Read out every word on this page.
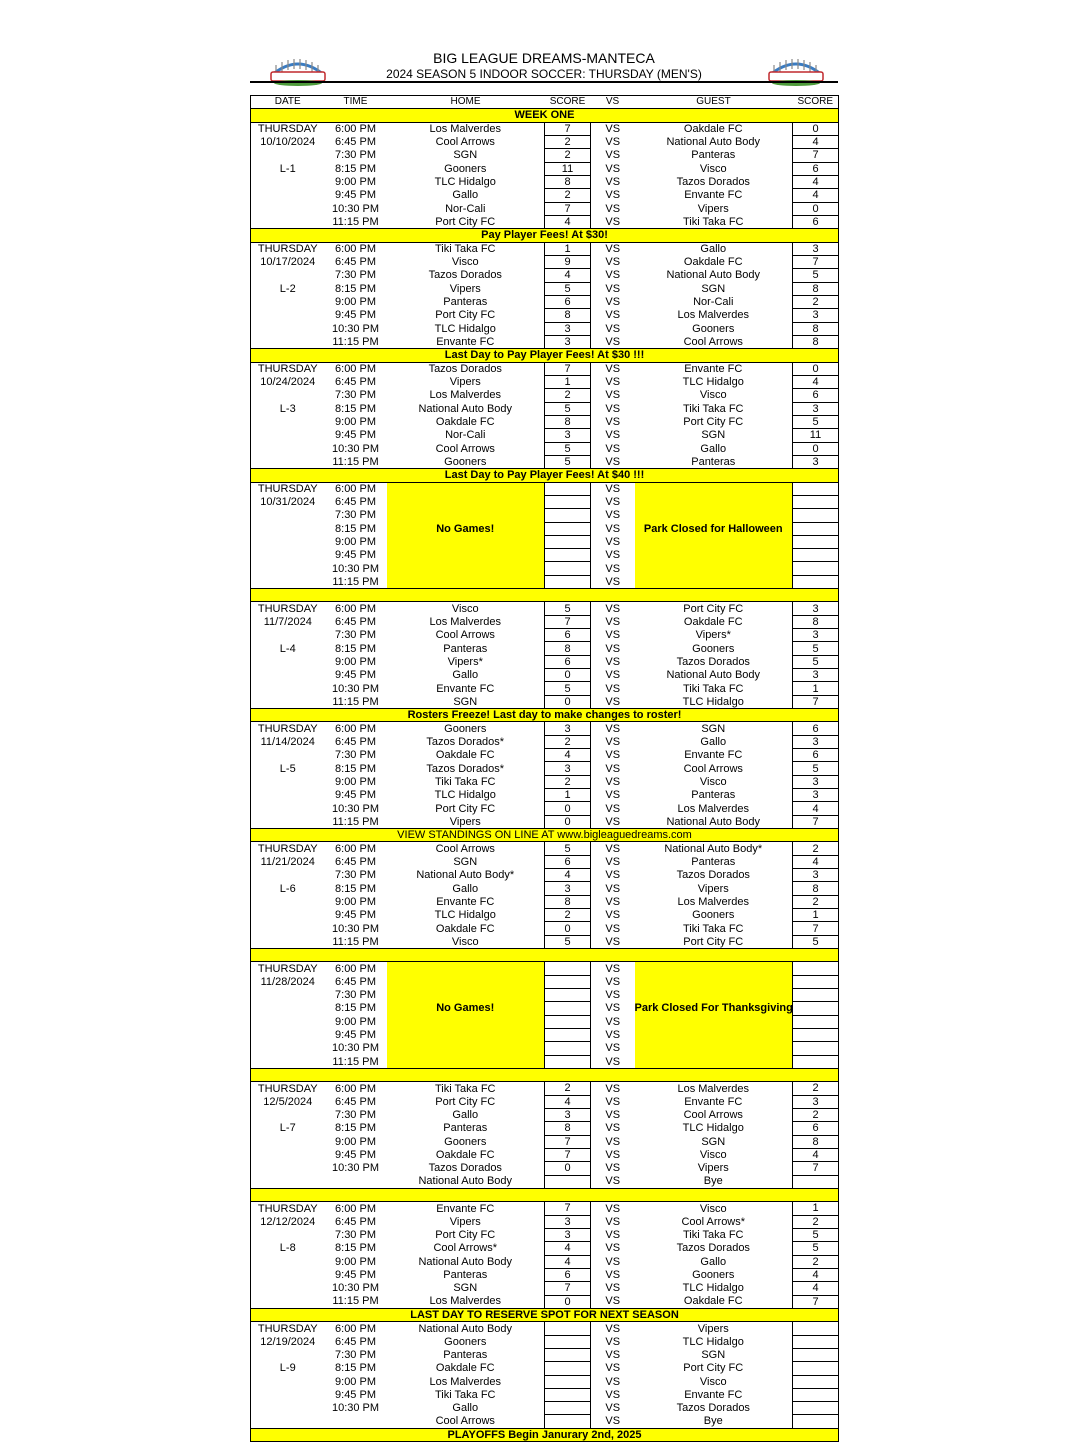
BIG LEAGUE DREAMS-MANTECA
2024 SEASON 5 INDOOR SOCCER: THURSDAY (MEN'S)
DATE	TIME	HOME	SCORE	VS	GUEST	SCORE
WEEK ONE						
THURSDAY	6:00 PM	Los Malverdes	7	VS	Oakdale FC	0
10/10/2024	6:45 PM	Cool Arrows	2	VS	National Auto Body	4
	7:30 PM	SGN	2	VS	Panteras	7
L-1	8:15 PM	Gooners	11	VS	Visco	6
	9:00 PM	TLC Hidalgo	8	VS	Tazos Dorados	4
	9:45 PM	Gallo	2	VS	Envante FC	4
	10:30 PM	Nor-Cali	7	VS	Vipers	0
	11:15 PM	Port City FC	4	VS	Tiki Taka FC	6
Pay Player Fees! At $30!						
THURSDAY	6:00 PM	Tiki Taka FC	1	VS	Gallo	3
10/17/2024	6:45 PM	Visco	9	VS	Oakdale FC	7
	7:30 PM	Tazos Dorados	4	VS	National Auto Body	5
L-2	8:15 PM	Vipers	5	VS	SGN	8
	9:00 PM	Panteras	6	VS	Nor-Cali	2
	9:45 PM	Port City FC	8	VS	Los Malverdes	3
	10:30 PM	TLC Hidalgo	3	VS	Gooners	8
	11:15 PM	Envante FC	3	VS	Cool Arrows	8
Last Day to Pay Player Fees! At $30 !!!						
THURSDAY	6:00 PM	Tazos Dorados	7	VS	Envante FC	0
10/24/2024	6:45 PM	Vipers	1	VS	TLC Hidalgo	4
	7:30 PM	Los Malverdes	2	VS	Visco	6
L-3	8:15 PM	National Auto Body	5	VS	Tiki Taka FC	3
	9:00 PM	Oakdale FC	8	VS	Port City FC	5
	9:45 PM	Nor-Cali	3	VS	SGN	11
	10:30 PM	Cool Arrows	5	VS	Gallo	0
	11:15 PM	Gooners	5	VS	Panteras	3
Last Day to Pay Player Fees! At $40 !!!						
THURSDAY	6:00 PM			VS		
10/31/2024	6:45 PM			VS		
	7:30 PM			VS		
	8:15 PM	No Games!		VS	Park Closed for Halloween	
	9:00 PM			VS		
	9:45 PM			VS		
	10:30 PM			VS		
	11:15 PM			VS		

THURSDAY	6:00 PM	Visco	5	VS	Port City FC	3
11/7/2024	6:45 PM	Los Malverdes	7	VS	Oakdale FC	8
	7:30 PM	Cool Arrows	6	VS	Vipers*	3
L-4	8:15 PM	Panteras	8	VS	Gooners	5
	9:00 PM	Vipers*	6	VS	Tazos Dorados	5
	9:45 PM	Gallo	0	VS	National Auto Body	3
	10:30 PM	Envante FC	5	VS	Tiki Taka FC	1
	11:15 PM	SGN	0	VS	TLC Hidalgo	7
Rosters Freeze! Last day to make changes to roster!						
THURSDAY	6:00 PM	Gooners	3	VS	SGN	6
11/14/2024	6:45 PM	Tazos Dorados*	2	VS	Gallo	3
	7:30 PM	Oakdale FC	4	VS	Envante FC	6
L-5	8:15 PM	Tazos Dorados*	3	VS	Cool Arrows	5
	9:00 PM	Tiki Taka FC	2	VS	Visco	3
	9:45 PM	TLC Hidalgo	1	VS	Panteras	3
	10:30 PM	Port City FC	0	VS	Los Malverdes	4
	11:15 PM	Vipers	0	VS	National Auto Body	7
VIEW STANDINGS ON LINE AT www.bigleaguedreams.com						
THURSDAY	6:00 PM	Cool Arrows	5	VS	National Auto Body*	2
11/21/2024	6:45 PM	SGN	6	VS	Panteras	4
	7:30 PM	National Auto Body*	4	VS	Tazos Dorados	3
L-6	8:15 PM	Gallo	3	VS	Vipers	8
	9:00 PM	Envante FC	8	VS	Los Malverdes	2
	9:45 PM	TLC Hidalgo	2	VS	Gooners	1
	10:30 PM	Oakdale FC	0	VS	Tiki Taka FC	7
	11:15 PM	Visco	5	VS	Port City FC	5

THURSDAY	6:00 PM			VS		
11/28/2024	6:45 PM			VS		
	7:30 PM			VS		
	8:15 PM	No Games!		VS	Park Closed For Thanksgiving	
	9:00 PM			VS		
	9:45 PM			VS		
	10:30 PM			VS		
	11:15 PM			VS		

THURSDAY	6:00 PM	Tiki Taka FC	2	VS	Los Malverdes	2
12/5/2024	6:45 PM	Port City FC	4	VS	Envante FC	3
	7:30 PM	Gallo	3	VS	Cool Arrows	2
L-7	8:15 PM	Panteras	8	VS	TLC Hidalgo	6
	9:00 PM	Gooners	7	VS	SGN	8
	9:45 PM	Oakdale FC	7	VS	Visco	4
	10:30 PM	Tazos Dorados	0	VS	Vipers	7
		National Auto Body		VS	Bye	

THURSDAY	6:00 PM	Envante FC	7	VS	Visco	1
12/12/2024	6:45 PM	Vipers	3	VS	Cool Arrows*	2
	7:30 PM	Port City FC	3	VS	Tiki Taka FC	5
L-8	8:15 PM	Cool Arrows*	4	VS	Tazos Dorados	5
	9:00 PM	National Auto Body	4	VS	Gallo	2
	9:45 PM	Panteras	6	VS	Gooners	4
	10:30 PM	SGN	7	VS	TLC Hidalgo	4
	11:15 PM	Los Malverdes	0	VS	Oakdale FC	7
LAST DAY TO RESERVE SPOT FOR NEXT SEASON						
THURSDAY	6:00 PM	National Auto Body		VS	Vipers	
12/19/2024	6:45 PM	Gooners		VS	TLC Hidalgo	
	7:30 PM	Panteras		VS	SGN	
L-9	8:15 PM	Oakdale FC		VS	Port City FC	
	9:00 PM	Los Malverdes		VS	Visco	
	9:45 PM	Tiki Taka FC		VS	Envante FC	
	10:30 PM	Gallo		VS	Tazos Dorados	
		Cool Arrows		VS	Bye	
PLAYOFFS Begin Janurary 2nd, 2025						
